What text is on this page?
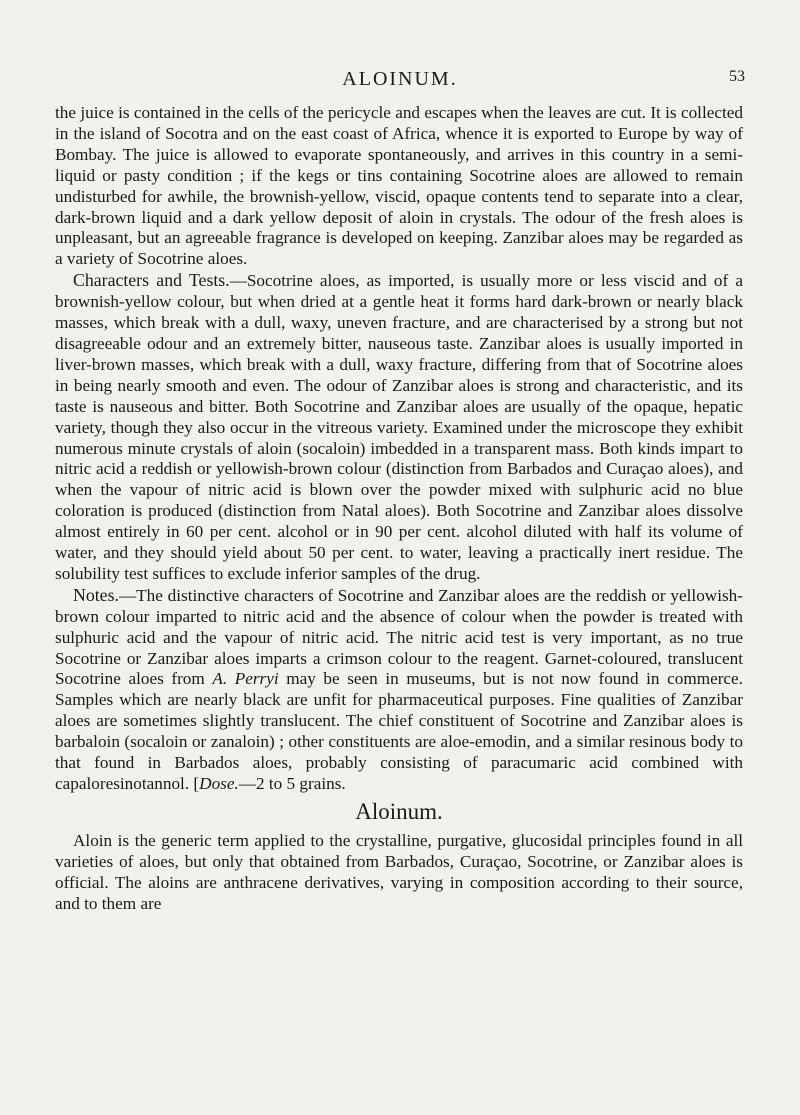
ALOINUM.	53

the juice is contained in the cells of the pericycle and escapes when the leaves are cut. It is collected in the island of Socotra and on the east coast of Africa, whence it is exported to Europe by way of Bombay. The juice is allowed to evaporate spontaneously, and arrives in this country in a semi-liquid or pasty condition ; if the kegs or tins containing Socotrine aloes are allowed to remain undisturbed for awhile, the brownish-yellow, viscid, opaque contents tend to separate into a clear, dark-brown liquid and a dark yellow deposit of aloin in crystals. The odour of the fresh aloes is unpleasant, but an agreeable fragrance is developed on keeping. Zanzibar aloes may be regarded as a variety of Socotrine aloes.

Characters and Tests.—Socotrine aloes, as imported, is usually more or less viscid and of a brownish-yellow colour, but when dried at a gentle heat it forms hard dark-brown or nearly black masses, which break with a dull, waxy, uneven fracture, and are characterised by a strong but not disagreeable odour and an extremely bitter, nauseous taste. Zanzibar aloes is usually imported in liver-brown masses, which break with a dull, waxy fracture, differing from that of Socotrine aloes in being nearly smooth and even. The odour of Zanzibar aloes is strong and characteristic, and its taste is nauseous and bitter. Both Socotrine and Zanzibar aloes are usually of the opaque, hepatic variety, though they also occur in the vitreous variety. Examined under the microscope they exhibit numerous minute crystals of aloin (socaloin) imbedded in a transparent mass. Both kinds impart to nitric acid a reddish or yellowish-brown colour (distinction from Barbados and Curaçao aloes), and when the vapour of nitric acid is blown over the powder mixed with sulphuric acid no blue coloration is produced (distinction from Natal aloes). Both Socotrine and Zanzibar aloes dissolve almost entirely in 60 per cent. alcohol or in 90 per cent. alcohol diluted with half its volume of water, and they should yield about 50 per cent. to water, leaving a practically inert residue. The solubility test suffices to exclude inferior samples of the drug.

Notes.—The distinctive characters of Socotrine and Zanzibar aloes are the reddish or yellowish-brown colour imparted to nitric acid and the absence of colour when the powder is treated with sulphuric acid and the vapour of nitric acid. The nitric acid test is very important, as no true Socotrine or Zanzibar aloes imparts a crimson colour to the reagent. Garnet-coloured, translucent Socotrine aloes from A. Perryi may be seen in museums, but is not now found in commerce. Samples which are nearly black are unfit for pharmaceutical purposes. Fine qualities of Zanzibar aloes are sometimes slightly translucent. The chief constituent of Socotrine and Zanzibar aloes is barbaloin (socaloin or zanaloin) ; other constituents are aloe-emodin, and a similar resinous body to that found in Barbados aloes, probably consisting of paracumaric acid combined with capaloresinotannol. [Dose.—2 to 5 grains.

Aloinum.

Aloin is the generic term applied to the crystalline, purgative, glucosidal principles found in all varieties of aloes, but only that obtained from Barbados, Curaçao, Socotrine, or Zanzibar aloes is official. The aloins are anthracene derivatives, varying in composition according to their source, and to them are
